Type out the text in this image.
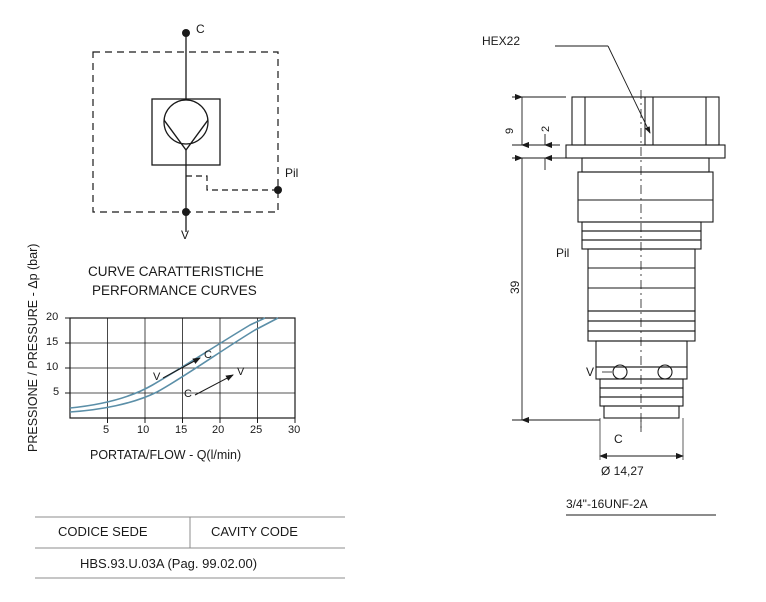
C
V
Pil
CURVE CARATTERISTICHE
PERFORMANCE CURVES
PRESSIONE / PRESSURE - Δp (bar)
PORTATA/FLOW - Q(l/min)
20
15
10
5
5	10 15 20 25 30
V
C
C
V
HEX22
9 2
39
Pil
V
C
Ø 14,27
3/4"-16UNF-2A
CODICE SEDE	CAVITY CODE
HBS.93.U.03A (Pag. 99.02.00)
